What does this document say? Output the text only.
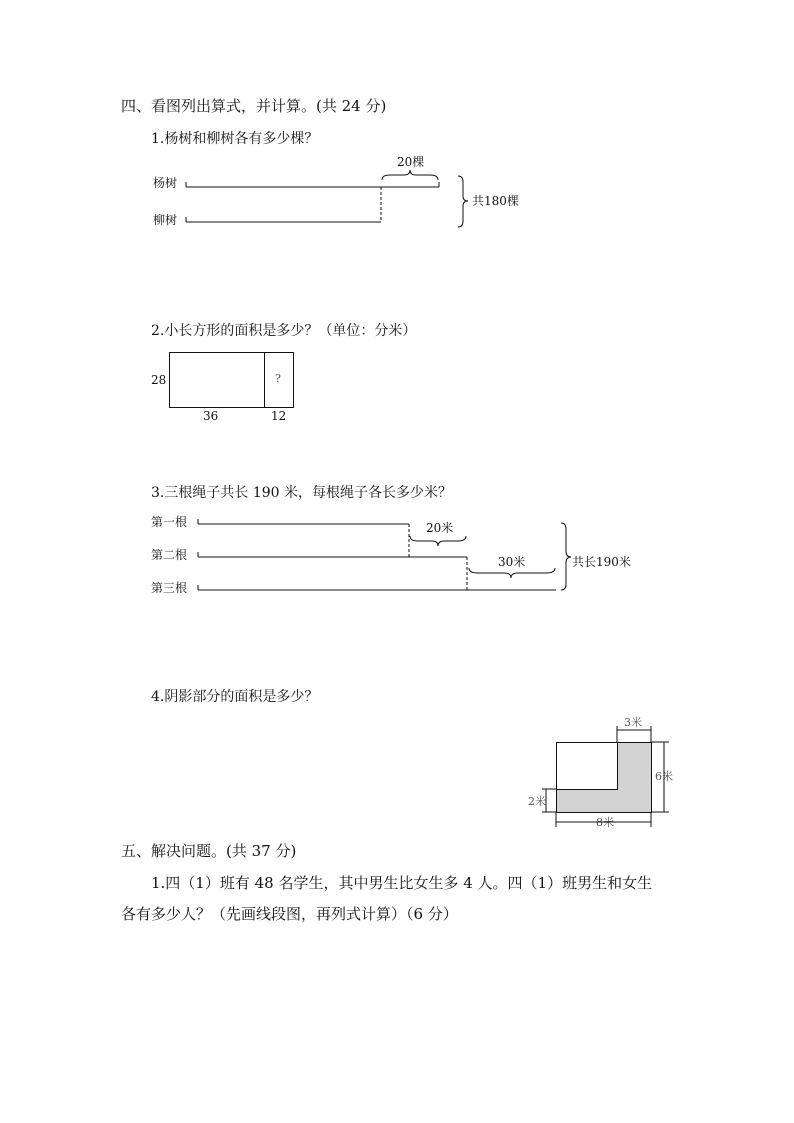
四、看图列出算式，并计算。(共 24 分)
1.杨树和柳树各有多少棵？
杨树
柳树
20棵
共180棵
2.小长方形的面积是多少？（单位：分米）
28
36	12
?
3.三根绳子共长 190 米，每根绳子各长多少米？
第一根
第二根
第三根
20米
30米	共长190米
4.阴影部分的面积是多少？
3米
6米
2米
8米
五、解决问题。(共 37 分)
1.四（1）班有 48 名学生，其中男生比女生多 4 人。四（1）班男生和女生
各有多少人？（先画线段图，再列式计算）（6 分）
